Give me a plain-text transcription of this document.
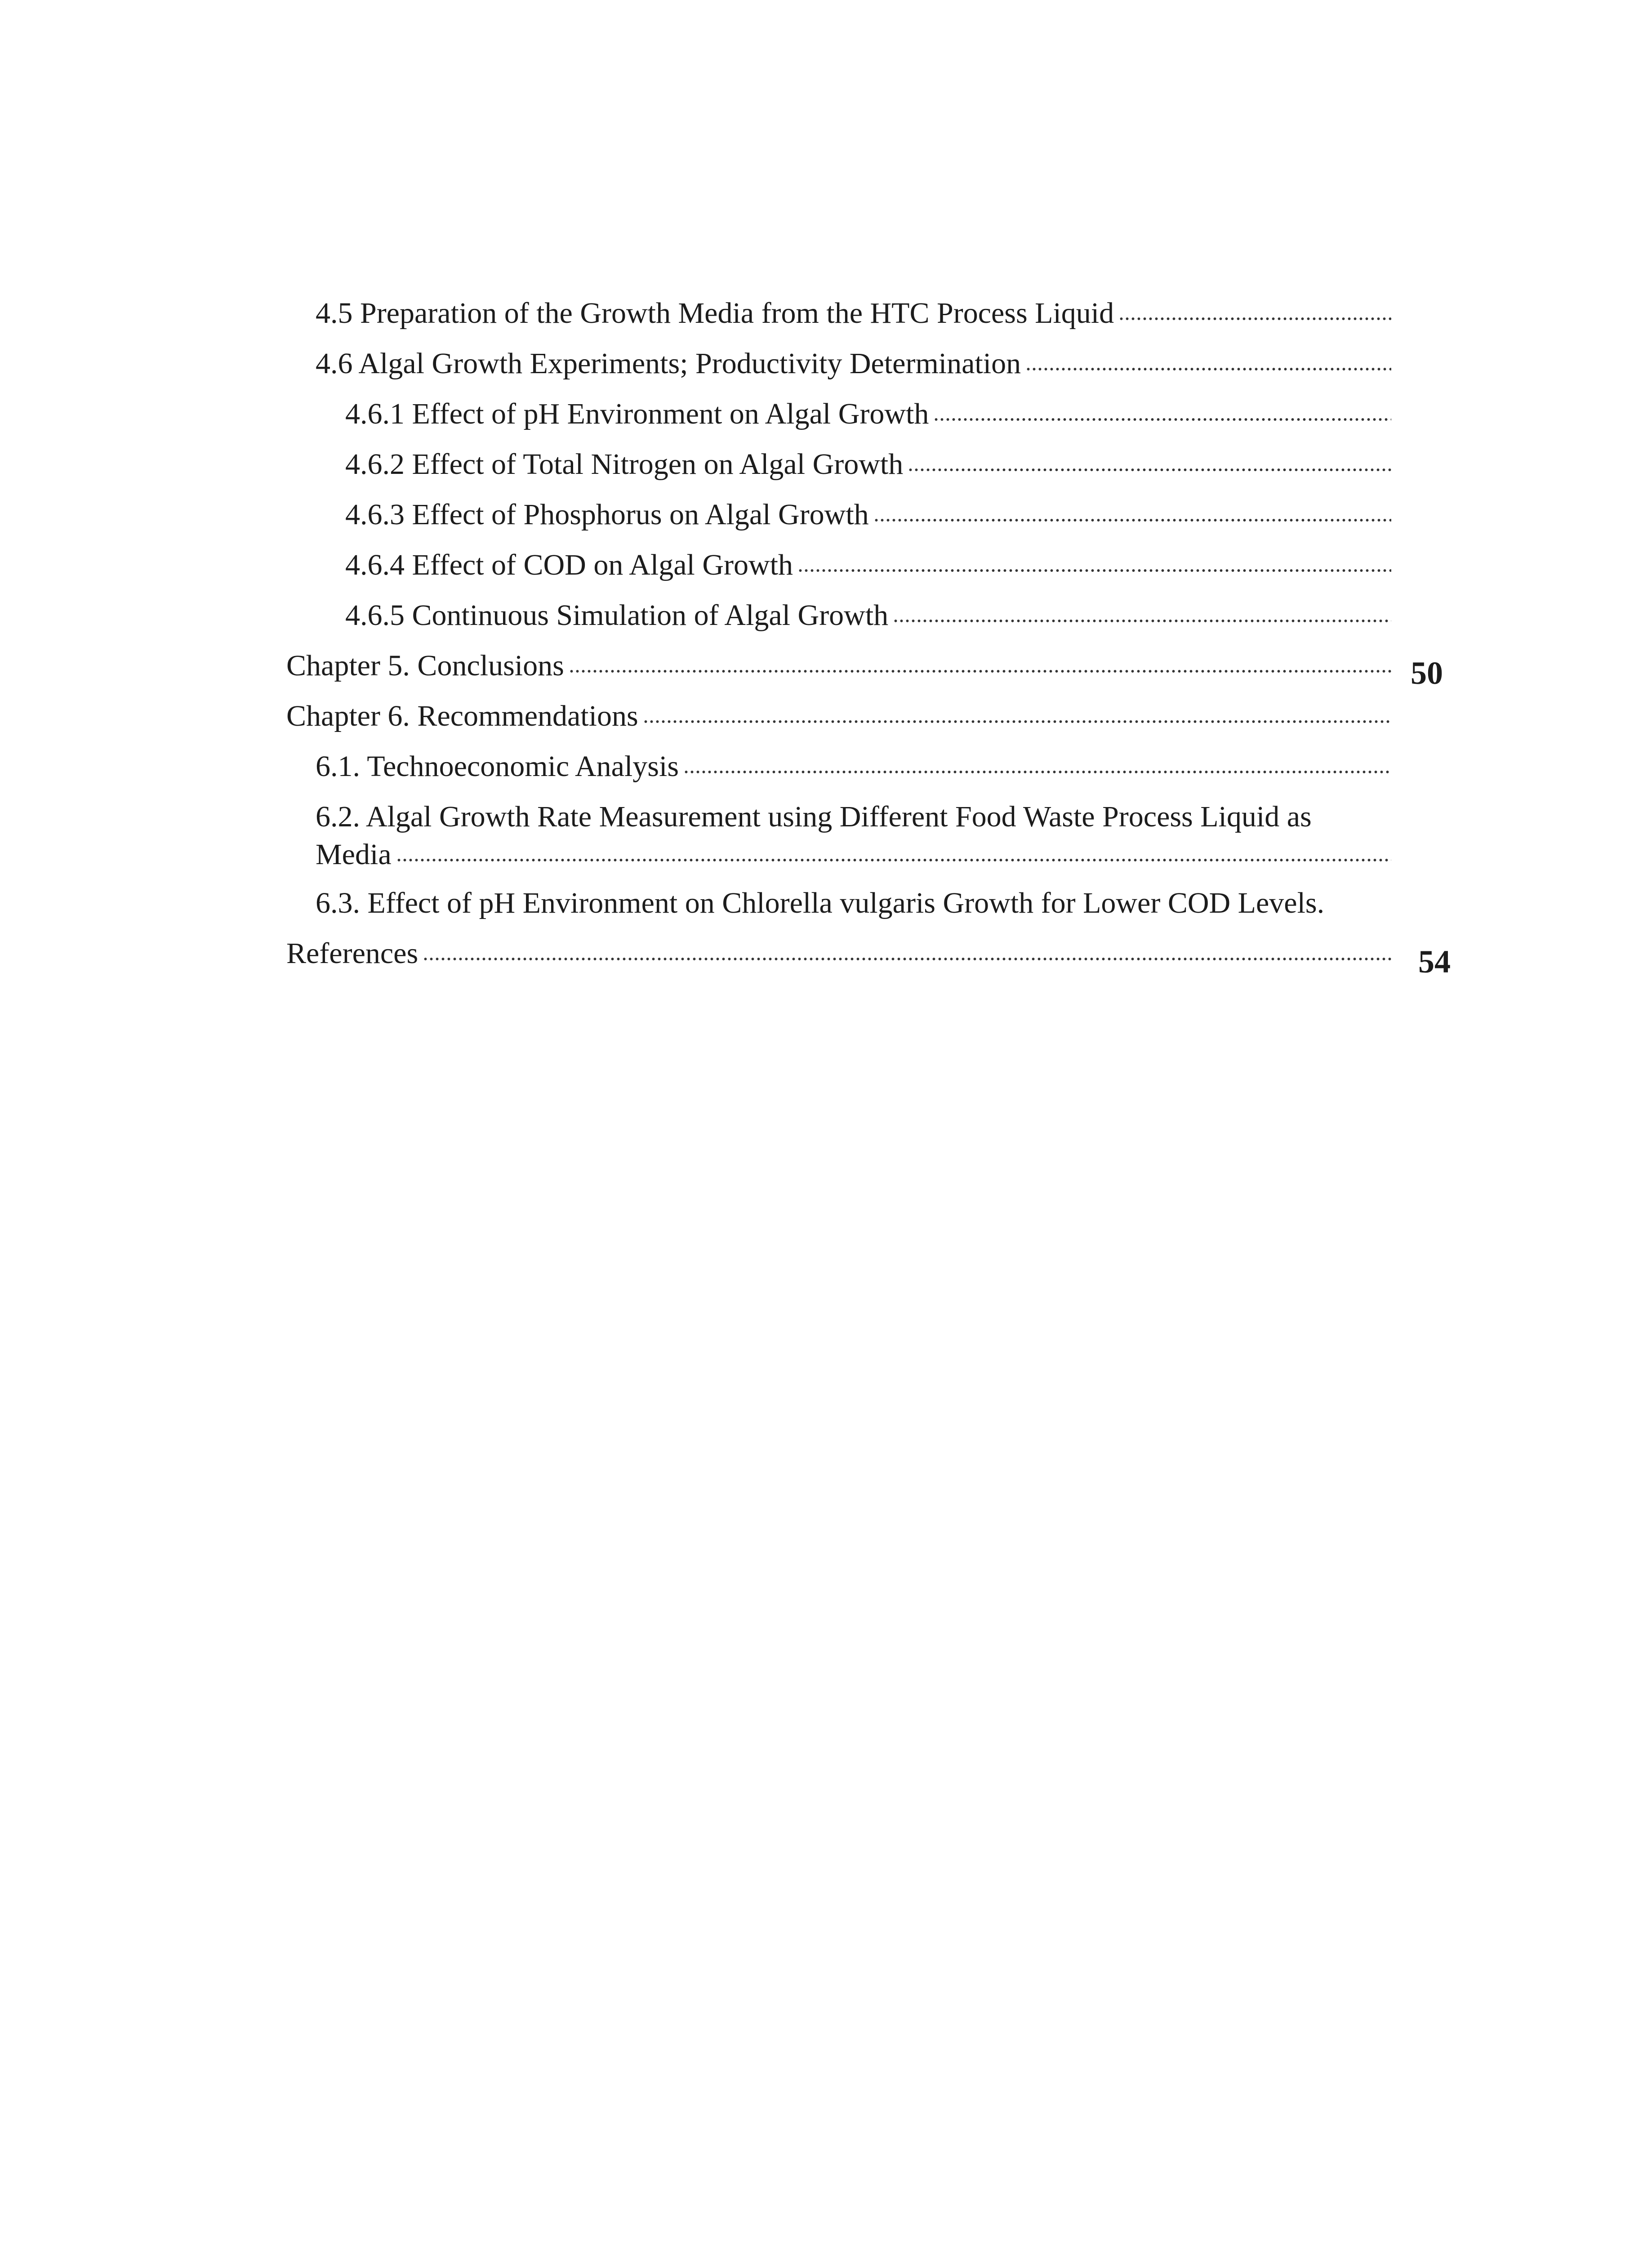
4.5 Preparation of the Growth Media from the HTC Process Liquid
4.6 Algal Growth Experiments; Productivity Determination
4.6.1 Effect of pH Environment on Algal Growth
4.6.2 Effect of Total Nitrogen on Algal Growth
4.6.3 Effect of Phosphorus on Algal Growth
4.6.4 Effect of COD on Algal Growth
4.6.5 Continuous Simulation of Algal Growth
Chapter 5. Conclusions	50
Chapter 6. Recommendations
6.1. Technoeconomic Analysis
6.2. Algal Growth Rate Measurement using Different Food Waste Process Liquid as
Media
6.3. Effect of pH Environment on Chlorella vulgaris Growth for Lower COD Levels.
References	54
